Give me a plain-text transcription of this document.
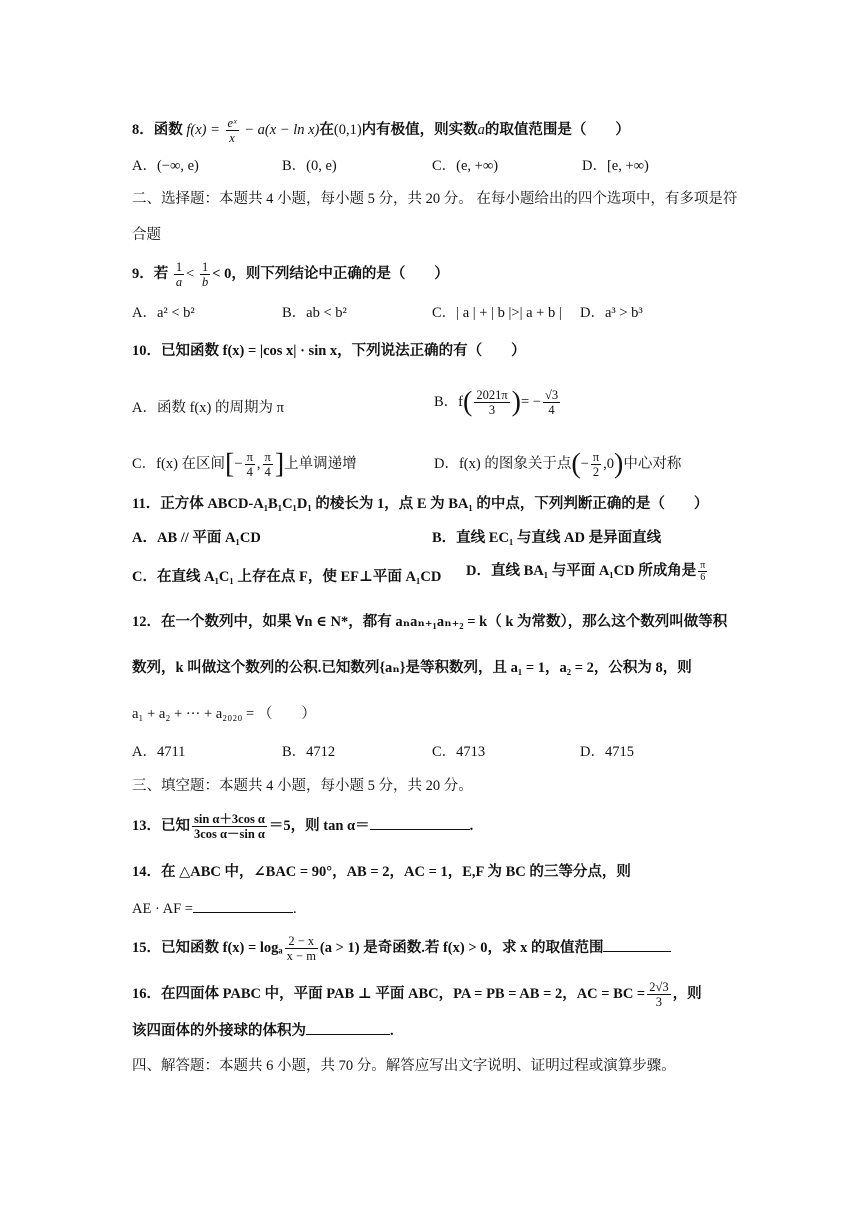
8．函数 $f(x) = \frac{\text{eˣ}}{x} - a(x - \ln x)$在(0,1)内有极值，则实数a的取值范围是（　　）
A．(−∞, e)	B．(0, e)	C．(e, +∞)	D．[e, +∞)
二、选择题：本题共 4 小题，每小题 5 分，共 20 分。 在每小题给出的四个选项中，有多项是符
合题
9．若 $\frac{1}{a} < \frac{1}{b} < 0$，则下列结论中正确的是（　　）
A．a² < b²	B．ab < b²	C．| a | + | b |>| a + b | D．a³ > b³
10．已知函数 f(x) = |cos x| · sin x，下列说法正确的有（　　）
A．函数 f(x) 的周期为 π	B．$f( \frac{2021\pi}{3}$ )= − $\frac{√3}{4}$
C．f(x) 在区间[− $\frac{\pi}{4}$ , $\frac{\pi}{4}$ ]上单调递增	D．f(x) 的图象关于点(− $\frac{\pi}{2} ,0$)中心对称
11．正方体 ABCD-A₁B₁C₁D₁ 的棱长为 1，点 E 为 BA₁ 的中点，下列判断正确的是（　　）
A．AB // 平面 A₁CD	B．直线 EC₁ 与直线 AD 是异面直线
C．在直线 A₁C₁ 上存在点 F，使 EF⊥平面 A₁CD D．直线 BA₁ 与平面 A₁CD 所成角是 $\frac{\pi}{6}$
12．在一个数列中，如果 ∀n ∈ N*，都有 aₙaₙ₊₁aₙ₊₂ = k（ k 为常数），那么这个数列叫做等积
数列，k 叫做这个数列的公积.已知数列{aₙ}是等积数列，且 a₁ = 1，a₂ = 2，公积为 8，则
a₁ + a₂ + ··· + a₂₀₂₀ = （　　）
A．4711	B．4712	C．4713	D．4715
三、填空题：本题共 4 小题，每小题 5 分，共 20 分。
13．已知 $\frac{\text{sin α＋3cos α}}{\text{3cos α－sin α}} =5$，则 tan α＝	.
14．在 △ABC 中，∠BAC = 90°，AB = 2，AC = 1，E,F 为 BC 的三等分点，则
AE · AF =	.
15．已知函数 f(x) = logₐ $\frac{2 - x}{x - m} (a > 1)$ 是奇函数.若 f(x) > 0，求 x 的取值范围
16．在四面体 PABC 中，平面 PAB ⊥ 平面 ABC，PA = PB = AB = 2，AC = BC = $\frac{2√3}{3}$ ，则
该四面体的外接球的体积为	.
四、解答题：本题共 6 小题，共 70 分。解答应写出文字说明、证明过程或演算步骤。
